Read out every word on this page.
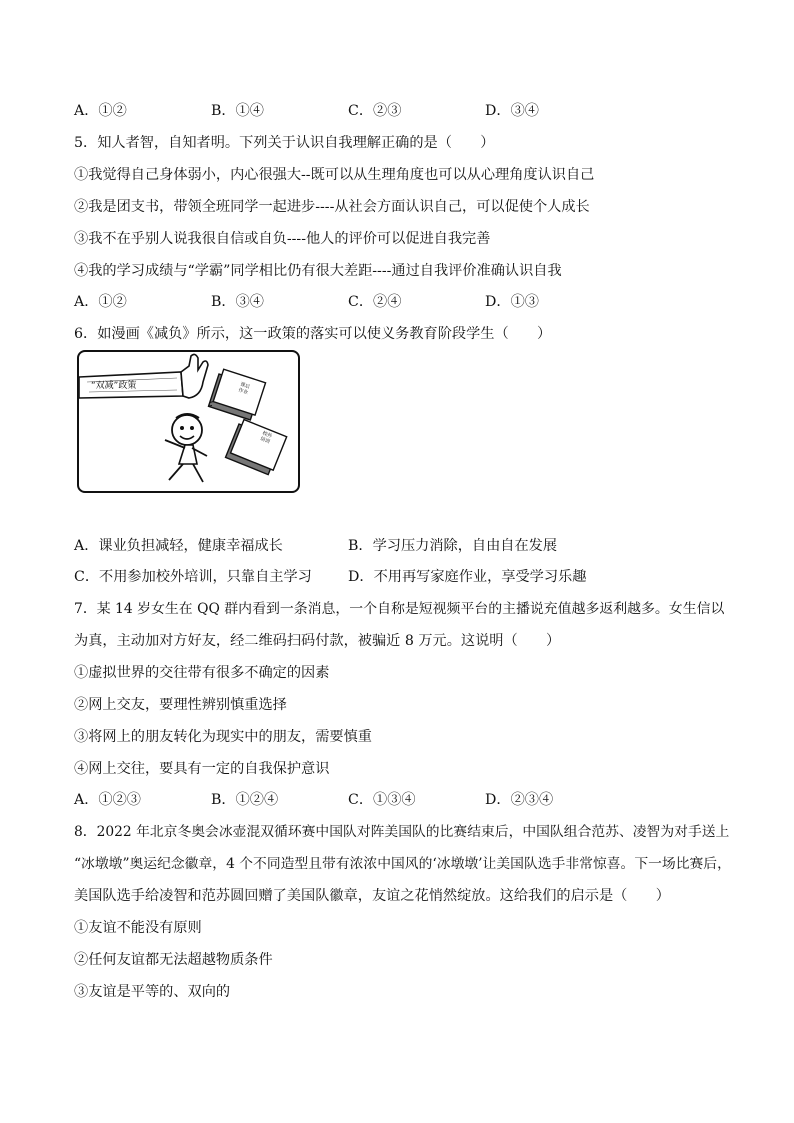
A．①②	B．①④	C．②③	D．③④
5．知人者智，自知者明。下列关于认识自我理解正确的是（　　）
①我觉得自己身体弱小，内心很强大--既可以从生理角度也可以从心理角度认识自己
②我是团支书，带领全班同学一起进步----从社会方面认识自己，可以促使个人成长
③我不在乎别人说我很自信或自负----他人的评价可以促进自我完善
④我的学习成绩与“学霸”同学相比仍有很大差距----通过自我评价准确认识自我
A．①②	B．③④	C．②④	D．①③
6．如漫画《减负》所示，这一政策的落实可以使义务教育阶段学生（　　）
“双减”政策	课后作业
校外培训
A．课业负担减轻，健康幸福成长	B．学习压力消除，自由自在发展
C．不用参加校外培训，只靠自主学习	D．不用再写家庭作业，享受学习乐趣
7．某 14 岁女生在 QQ 群内看到一条消息，一个自称是短视频平台的主播说充值越多返利越多。女生信以
为真，主动加对方好友，经二维码扫码付款，被骗近 8 万元。这说明（　　）
①虚拟世界的交往带有很多不确定的因素
②网上交友，要理性辨别慎重选择
③将网上的朋友转化为现实中的朋友，需要慎重
④网上交往，要具有一定的自我保护意识
A．①②③	B．①②④	C．①③④	D．②③④
8．2022 年北京冬奥会冰壶混双循环赛中国队对阵美国队的比赛结束后，中国队组合范苏、凌智为对手送上
“冰墩墩”奥运纪念徽章，4 个不同造型且带有浓浓中国风的‘冰墩墩’让美国队选手非常惊喜。下一场比赛后，
美国队选手给凌智和范苏圆回赠了美国队徽章，友谊之花悄然绽放。这给我们的启示是（　　）
①友谊不能没有原则
②任何友谊都无法超越物质条件
③友谊是平等的、双向的
